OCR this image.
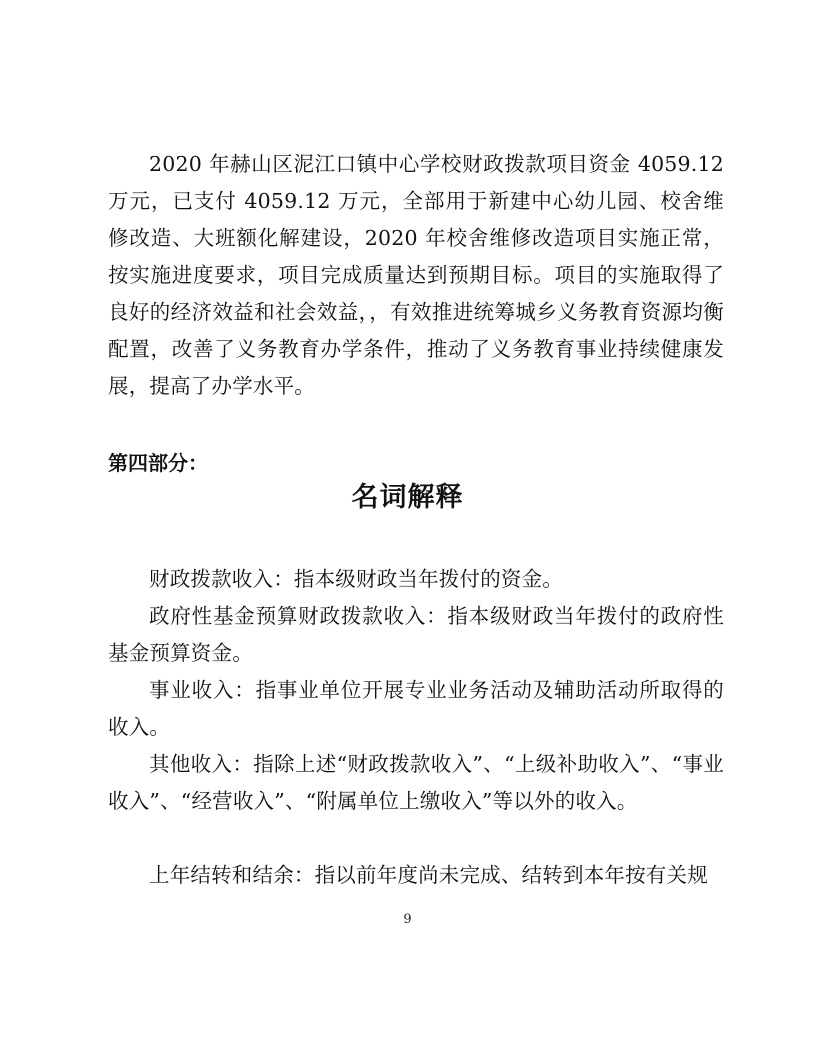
2020 年赫山区泥江口镇中心学校财政拨款项目资金 4059.12 万元，已支付 4059.12 万元，全部用于新建中心幼儿园、校舍维修改造、大班额化解建设，2020 年校舍维修改造项目实施正常，按实施进度要求，项目完成质量达到预期目标。项目的实施取得了良好的经济效益和社会效益，，有效推进统筹城乡义务教育资源均衡配置，改善了义务教育办学条件，推动了义务教育事业持续健康发展，提高了办学水平。

第四部分：

名词解释

财政拨款收入：指本级财政当年拨付的资金。

政府性基金预算财政拨款收入：指本级财政当年拨付的政府性基金预算资金。

事业收入：指事业单位开展专业业务活动及辅助活动所取得的收入。

其他收入：指除上述“财政拨款收入”、“上级补助收入”、“事业收入”、“经营收入”、“附属单位上缴收入”等以外的收入。

上年结转和结余：指以前年度尚未完成、结转到本年按有关规

9
